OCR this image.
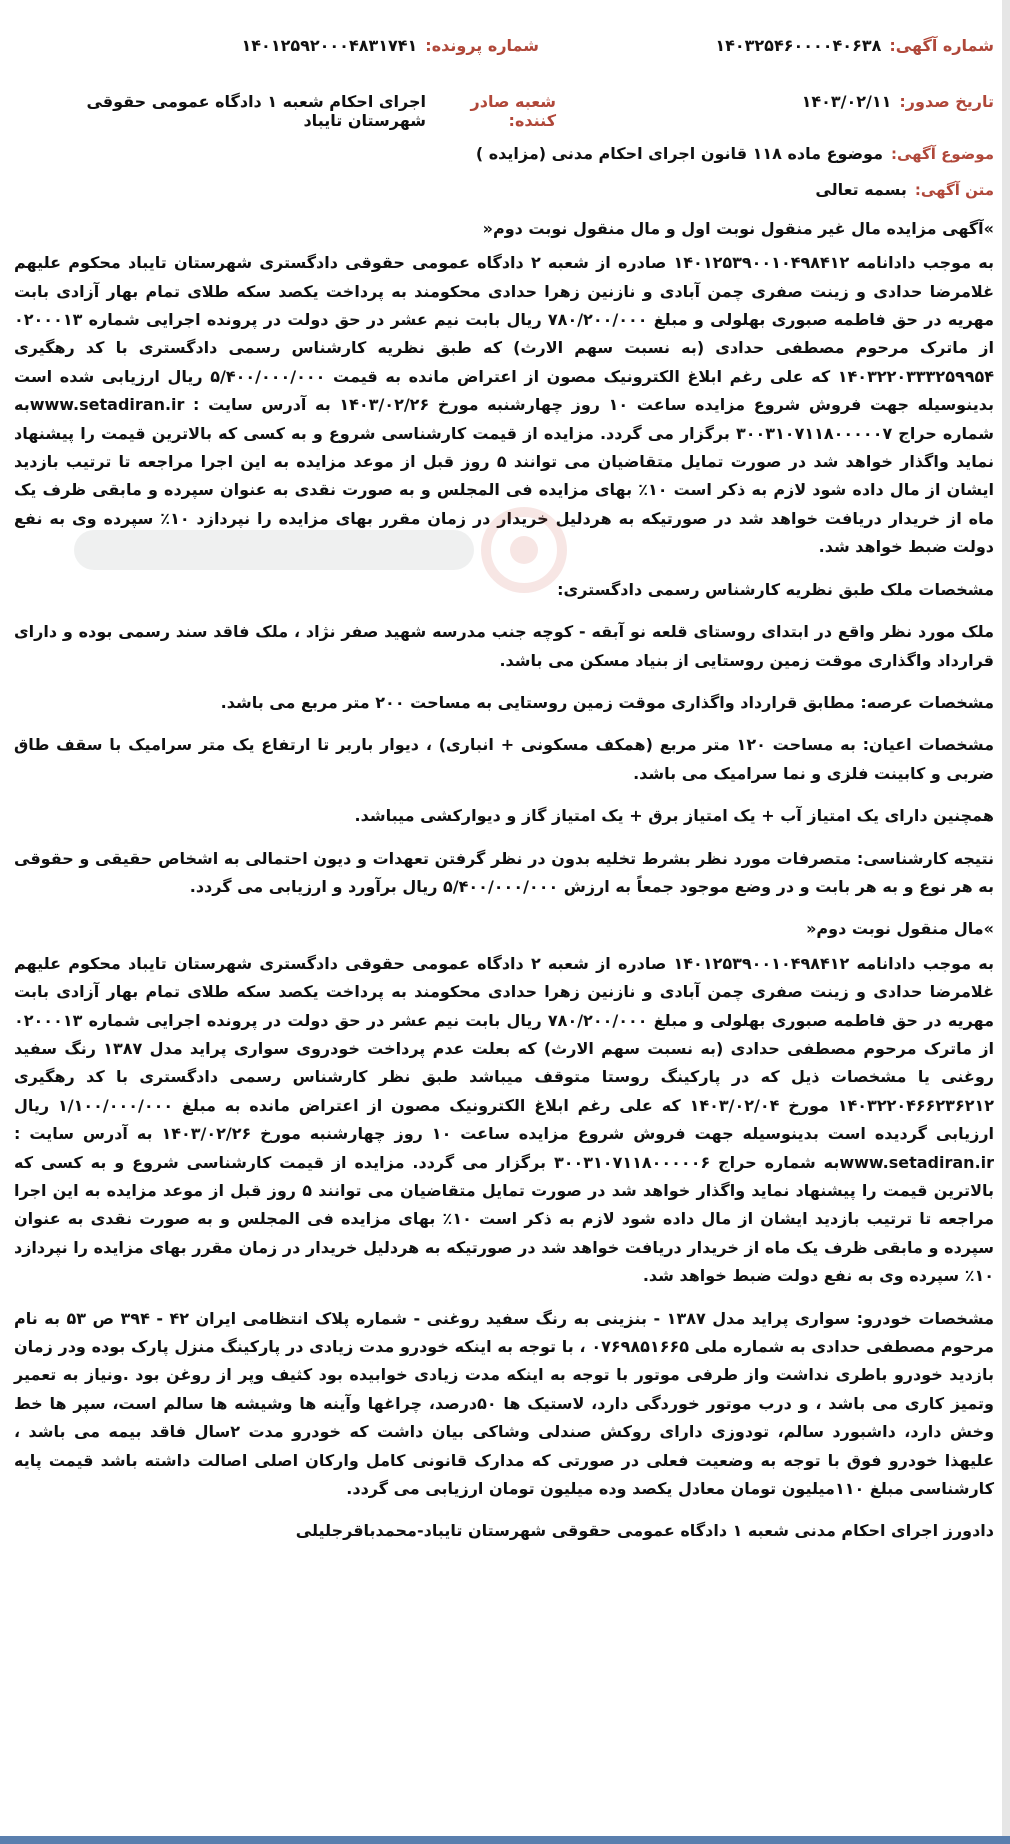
شماره آگهی:
۱۴۰۳۲۵۴۶۰۰۰۰۴۰۶۳۸
شماره پرونده:
۱۴۰۱۲۵۹۲۰۰۰۴۸۳۱۷۴۱
تاریخ صدور:
۱۴۰۳/۰۲/۱۱
شعبه صادر کننده:
اجرای احکام شعبه ۱ دادگاه عمومی حقوقی شهرستان تایباد
موضوع آگهی:
موضوع ماده ۱۱۸ قانون اجرای احکام مدنی (مزایده )
متن آگهی:
بسمه تعالی

»آگهی مزایده مال غیر منقول نوبت اول و مال منقول نوبت دوم«

به موجب دادانامه ۱۴۰۱۲۵۳۹۰۰۱۰۴۹۸۴۱۲ صادره از شعبه ۲ دادگاه عمومی حقوقی دادگستری شهرستان تایباد محکوم علیهم غلامرضا حدادی و زینت صفری چمن آبادی و نازنین زهرا حدادی محکومند به پرداخت یکصد سکه طلای تمام بهار آزادی بابت مهریه در حق فاطمه صبوری بهلولی و مبلغ ۷۸۰/۲۰۰/۰۰۰ ریال بابت نیم عشر در حق دولت در پرونده اجرایی شماره ۰۲۰۰۰۱۳ از ماترک مرحوم مصطفی حدادی (به نسبت سهم الارث) که طبق نظریه کارشناس رسمی دادگستری با کد رهگیری ۱۴۰۳۲۲۰۳۳۳۲۵۹۹۵۴ که علی رغم ابلاغ الکترونیک مصون از اعتراض مانده به قیمت ۵/۴۰۰/۰۰۰/۰۰۰ ریال ارزیابی شده است بدینوسیله جهت فروش شروع مزایده ساعت ۱۰ روز چهارشنبه مورخ ۱۴۰۳/۰۲/۲۶ به آدرس سایت : www.setadiran.irبه شماره حراج ۳۰۰۳۱۰۷۱۱۸۰۰۰۰۰۷ برگزار می گردد. مزایده از قیمت کارشناسی شروع و به کسی که بالاترین قیمت را پیشنهاد نماید واگذار خواهد شد در صورت تمایل متقاضیان می توانند ۵ روز قبل از موعد مزایده به این اجرا مراجعه تا ترتیب بازدید ایشان از مال داده شود لازم به ذکر است ۱۰٪ بهای مزایده فی المجلس و به صورت نقدی به عنوان سپرده و مابقی ظرف یک ماه از خریدار دریافت خواهد شد در صورتیکه به هردلیل خریدار در زمان مقرر بهای مزایده را نپردازد ۱۰٪ سپرده وی به نفع دولت ضبط خواهد شد.

مشخصات ملک طبق نظریه کارشناس رسمی دادگستری:

ملک مورد نظر واقع در ابتدای روستای قلعه نو آبقه - کوچه جنب مدرسه شهید صفر نژاد ، ملک فاقد سند رسمی بوده و دارای قرارداد واگذاری موقت زمین روستایی از بنیاد مسکن می باشد.

مشخصات عرصه: مطابق قرارداد واگذاری موقت زمین روستایی به مساحت ۲۰۰ متر مربع می باشد.

مشخصات اعیان: به مساحت ۱۲۰ متر مربع (همکف مسکونی + انباری) ، دیوار باربر تا ارتفاع یک متر سرامیک با سقف طاق ضربی و کابینت فلزی و نما سرامیک می باشد.

همچنین دارای یک امتیاز آب + یک امتیاز برق + یک امتیاز گاز و دیوارکشی میباشد.

نتیجه کارشناسی: متصرفات مورد نظر بشرط تخلیه بدون در نظر گرفتن تعهدات و دیون احتمالی به اشخاص حقیقی و حقوقی به هر نوع و به هر بابت و در وضع موجود جمعاً به ارزش ۵/۴۰۰/۰۰۰/۰۰۰ ریال برآورد و ارزیابی می گردد.

»مال منقول نوبت دوم«

به موجب دادانامه ۱۴۰۱۲۵۳۹۰۰۱۰۴۹۸۴۱۲ صادره از شعبه ۲ دادگاه عمومی حقوقی دادگستری شهرستان تایباد محکوم علیهم غلامرضا حدادی و زینت صفری چمن آبادی و نازنین زهرا حدادی محکومند به پرداخت یکصد سکه طلای تمام بهار آزادی بابت مهریه در حق فاطمه صبوری بهلولی و مبلغ ۷۸۰/۲۰۰/۰۰۰ ریال بابت نیم عشر در حق دولت در پرونده اجرایی شماره ۰۲۰۰۰۱۳ از ماترک مرحوم مصطفی حدادی (به نسبت سهم الارث) که بعلت عدم پرداخت خودروی سواری پراید مدل ۱۳۸۷ رنگ سفید روغنی یا مشخصات ذیل که در پارکینگ روستا متوقف میباشد طبق نظر کارشناس رسمی دادگستری با کد رهگیری ۱۴۰۳۲۲۰۴۶۶۲۳۶۲۱۲ مورخ ۱۴۰۳/۰۲/۰۴ که علی رغم ابلاغ الکترونیک مصون از اعتراض مانده به مبلغ ۱/۱۰۰/۰۰۰/۰۰۰ ریال ارزیابی گردیده است بدینوسیله جهت فروش شروع مزایده ساعت ۱۰ روز چهارشنبه مورخ ۱۴۰۳/۰۲/۲۶ به آدرس سایت : www.setadiran.irبه شماره حراج ۳۰۰۳۱۰۷۱۱۸۰۰۰۰۰۶ برگزار می گردد. مزایده از قیمت کارشناسی شروع و به کسی که بالاترین قیمت را پیشنهاد نماید واگذار خواهد شد در صورت تمایل متقاضیان می توانند ۵ روز قبل از موعد مزایده به این اجرا مراجعه تا ترتیب بازدید ایشان از مال داده شود لازم به ذکر است ۱۰٪ بهای مزایده فی المجلس و به صورت نقدی به عنوان سپرده و مابقی ظرف یک ماه از خریدار دریافت خواهد شد در صورتیکه به هردلیل خریدار در زمان مقرر بهای مزایده را نپردازد ۱۰٪ سپرده وی به نفع دولت ضبط خواهد شد.

مشخصات خودرو: سواری پراید مدل ۱۳۸۷ - بنزینی به رنگ سفید روغنی - شماره پلاک انتظامی ایران ۴۲ - ۳۹۴ ص ۵۳ به نام مرحوم مصطفی حدادی به شماره ملی ۰۷۶۹۸۵۱۶۶۵ ، با توجه به اینکه خودرو مدت زیادی در پارکینگ منزل پارک بوده ودر زمان بازدید خودرو باطری نداشت واز طرفی موتور با توجه به اینکه مدت زیادی خوابیده بود کثیف وپر از روغن بود .ونیاز به تعمیر وتمیز کاری می باشد ، و درب موتور خوردگی دارد، لاستیک ها ۵۰درصد، چراغها وآینه ها وشیشه ها سالم است، سپر ها خط وخش دارد، داشبورد سالم، تودوزی دارای روکش صندلی وشاکی بیان داشت که خودرو مدت ۲سال فاقد بیمه می باشد ، علیهذا خودرو فوق با توجه به وضعیت فعلی در صورتی که مدارک قانونی کامل وارکان اصلی اصالت داشته باشد قیمت پایه کارشناسی مبلغ ۱۱۰میلیون تومان معادل یکصد وده میلیون تومان ارزیابی می گردد.

دادورز اجرای احکام مدنی شعبه ۱ دادگاه عمومی حقوقی شهرستان تایباد-محمدباقرجلیلی
